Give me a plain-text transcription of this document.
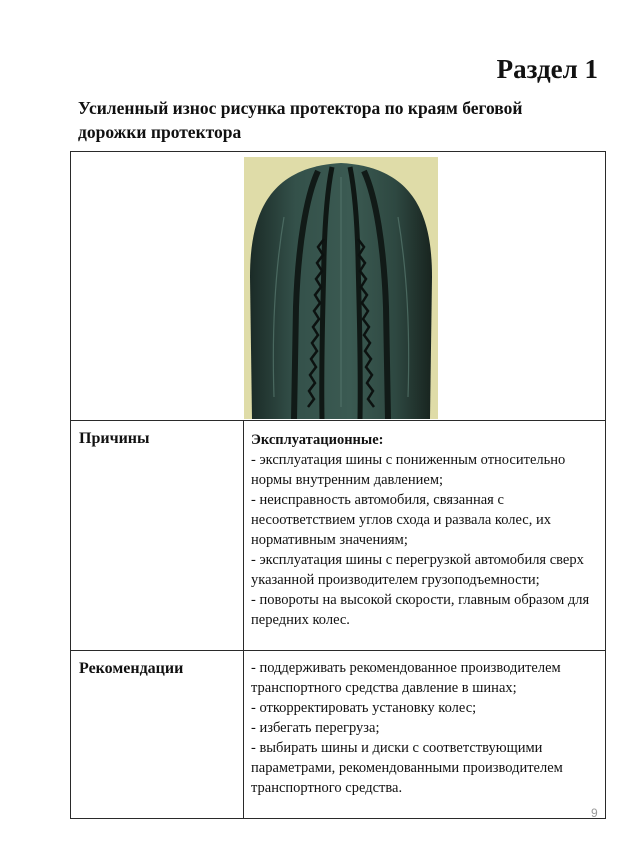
Раздел 1
Усиленный износ рисунка протектора по краям беговой дорожки протектора
Причины	Эксплуатационные:
- эксплуатация шины с пониженным относительно нормы внутренним давлением;
- неисправность автомобиля, связанная с несоответствием углов схода и развала колес, их нормативным значениям;
- эксплуатация шины с перегрузкой автомобиля сверх указанной производителем грузоподъемности;
- повороты на высокой скорости, главным образом для передних колес.
Рекомендации	- поддерживать рекомендованное производителем транспортного средства давление в шинах;
- откорректировать установку колес;
- избегать перегруза;
- выбирать шины и диски с соответствующими параметрами, рекомендованными производителем транспортного средства.
9
